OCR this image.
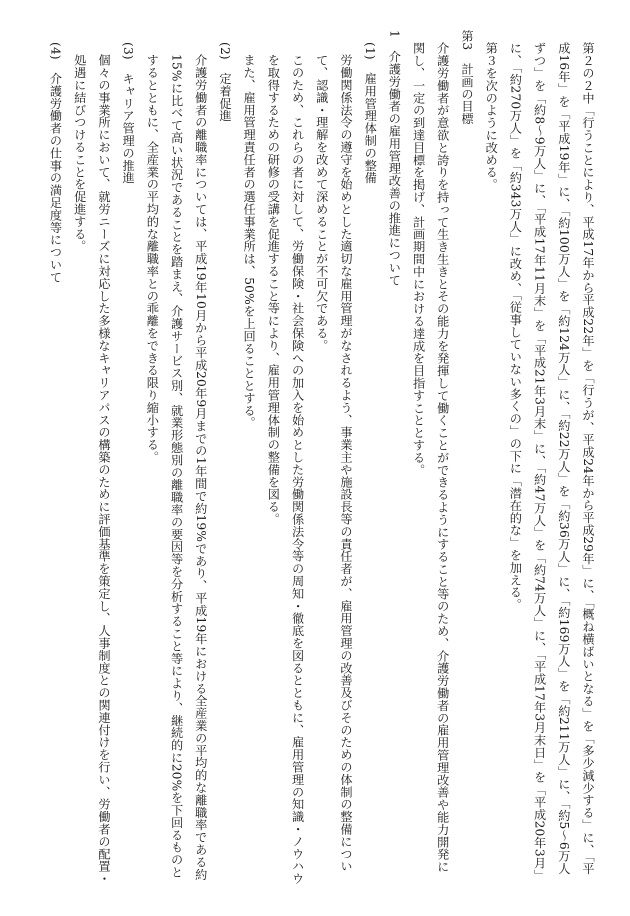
第２の２中「行うことにより、平成17年から平成22年」を「行うが、平成24年から平成29年」に、「概ね横ばいとなる」を「多少減少する」に、「平成16年」を「平成19年」に、「約100万人」を「約124万人」に、「約22万人」を「約36万人」に、「約169万人」を「約211万人」に、「約5～6万人ずつ」を「約8～9万人」に、「平成17年11月末」を「平成21年3月末」に、「約47万人」を「約74万人」に、「平成17年3月末日」を「平成20年3月」に、「約270万人」を「約343万人」に改め、「従事していない多くの」の下に「潜在的な」を加える。

第３を次のように改める。

第3　計画の目標

介護労働者が意欲と誇りを持って生き生きとその能力を発揮して働くことができるようにすること等のため、介護労働者の雇用管理改善や能力開発に関し、一定の到達目標を掲げ、計画期間中における達成を目指すこととする。

1　介護労働者の雇用管理改善の推進について

(1)　雇用管理体制の整備

労働関係法令の遵守を始めとした適切な雇用管理がなされるよう、事業主や施設長等の責任者が、雇用管理の改善及びそのための体制の整備について、認識・理解を改めて深めることが不可欠である。

このため、これらの者に対して、労働保険・社会保険への加入を始めとした労働関係法令等の周知・徹底を図るとともに、雇用管理の知識・ノウハウを取得するための研修の受講を促進すること等により、雇用管理体制の整備を図る。

また、雇用管理責任者の選任事業所は、50%を上回ることとする。

(2)　定着促進

介護労働者の離職率については、平成19年10月から平成20年9月までの1年間で約19%であり、平成19年における全産業の平均的な離職率である約15%に比べて高い状況であることを踏まえ、介護サービス別、就業形態別の離職率の要因等を分析すること等により、継続的に20%を下回るものとするとともに、全産業の平均的な離職率との乖離をできる限り縮小する。

(3)　キャリア管理の推進

個々の事業所において、就労ニーズに対応した多様なキャリアパスの構築のために評価基準を策定し、人事制度との関連付けを行い、労働者の配置・処遇に結びつけることを促進する。

(4)　介護労働者の仕事の満足度等について
